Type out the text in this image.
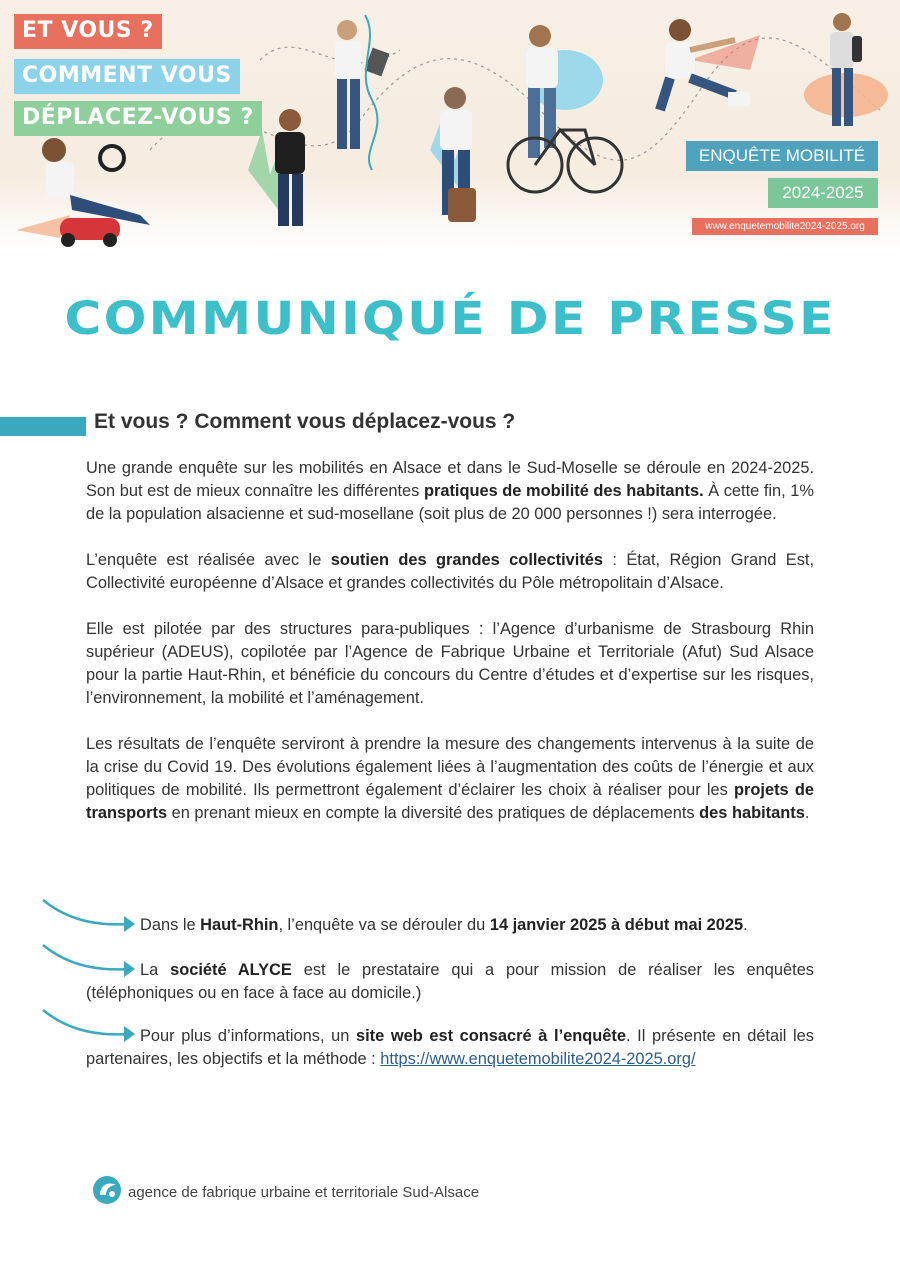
ET VOUS ?
COMMENT VOUS
DÉPLACEZ-VOUS ?
ENQUÊTE MOBILITÉ
2024-2025
www.enquetemobilite2024-2025.org
COMMUNIQUÉ DE PRESSE
Et vous ? Comment vous déplacez-vous ?

Une grande enquête sur les mobilités en Alsace et dans le Sud-Moselle se déroule en 2024-2025. Son but est de mieux connaître les différentes pratiques de mobilité des habitants. À cette fin, 1% de la population alsacienne et sud-mosellane (soit plus de 20 000 personnes !) sera interrogée.

L’enquête est réalisée avec le soutien des grandes collectivités : État, Région Grand Est, Collectivité européenne d’Alsace et grandes collectivités du Pôle métropolitain d’Alsace.

Elle est pilotée par des structures para-publiques : l’Agence d’urbanisme de Strasbourg Rhin supérieur (ADEUS), copilotée par l’Agence de Fabrique Urbaine et Territoriale (Afut) Sud Alsace pour la partie Haut-Rhin, et bénéficie du concours du Centre d’études et d’expertise sur les risques, l’environnement, la mobilité et l’aménagement.

Les résultats de l’enquête serviront à prendre la mesure des changements intervenus à la suite de la crise du Covid 19. Des évolutions également liées à l’augmentation des coûts de l’énergie et aux politiques de mobilité. Ils permettront également d’éclairer les choix à réaliser pour les projets de transports en prenant mieux en compte la diversité des pratiques de déplacements des habitants.

Dans le Haut-Rhin, l’enquête va se dérouler du 14 janvier 2025 à début mai 2025.
La société ALYCE est le prestataire qui a pour mission de réaliser les enquêtes (téléphoniques ou en face à face au domicile.)
Pour plus d’informations, un site web est consacré à l’enquête. Il présente en détail les partenaires, les objectifs et la méthode : https://www.enquetemobilite2024-2025.org/
agence de fabrique urbaine et territoriale Sud-Alsace
